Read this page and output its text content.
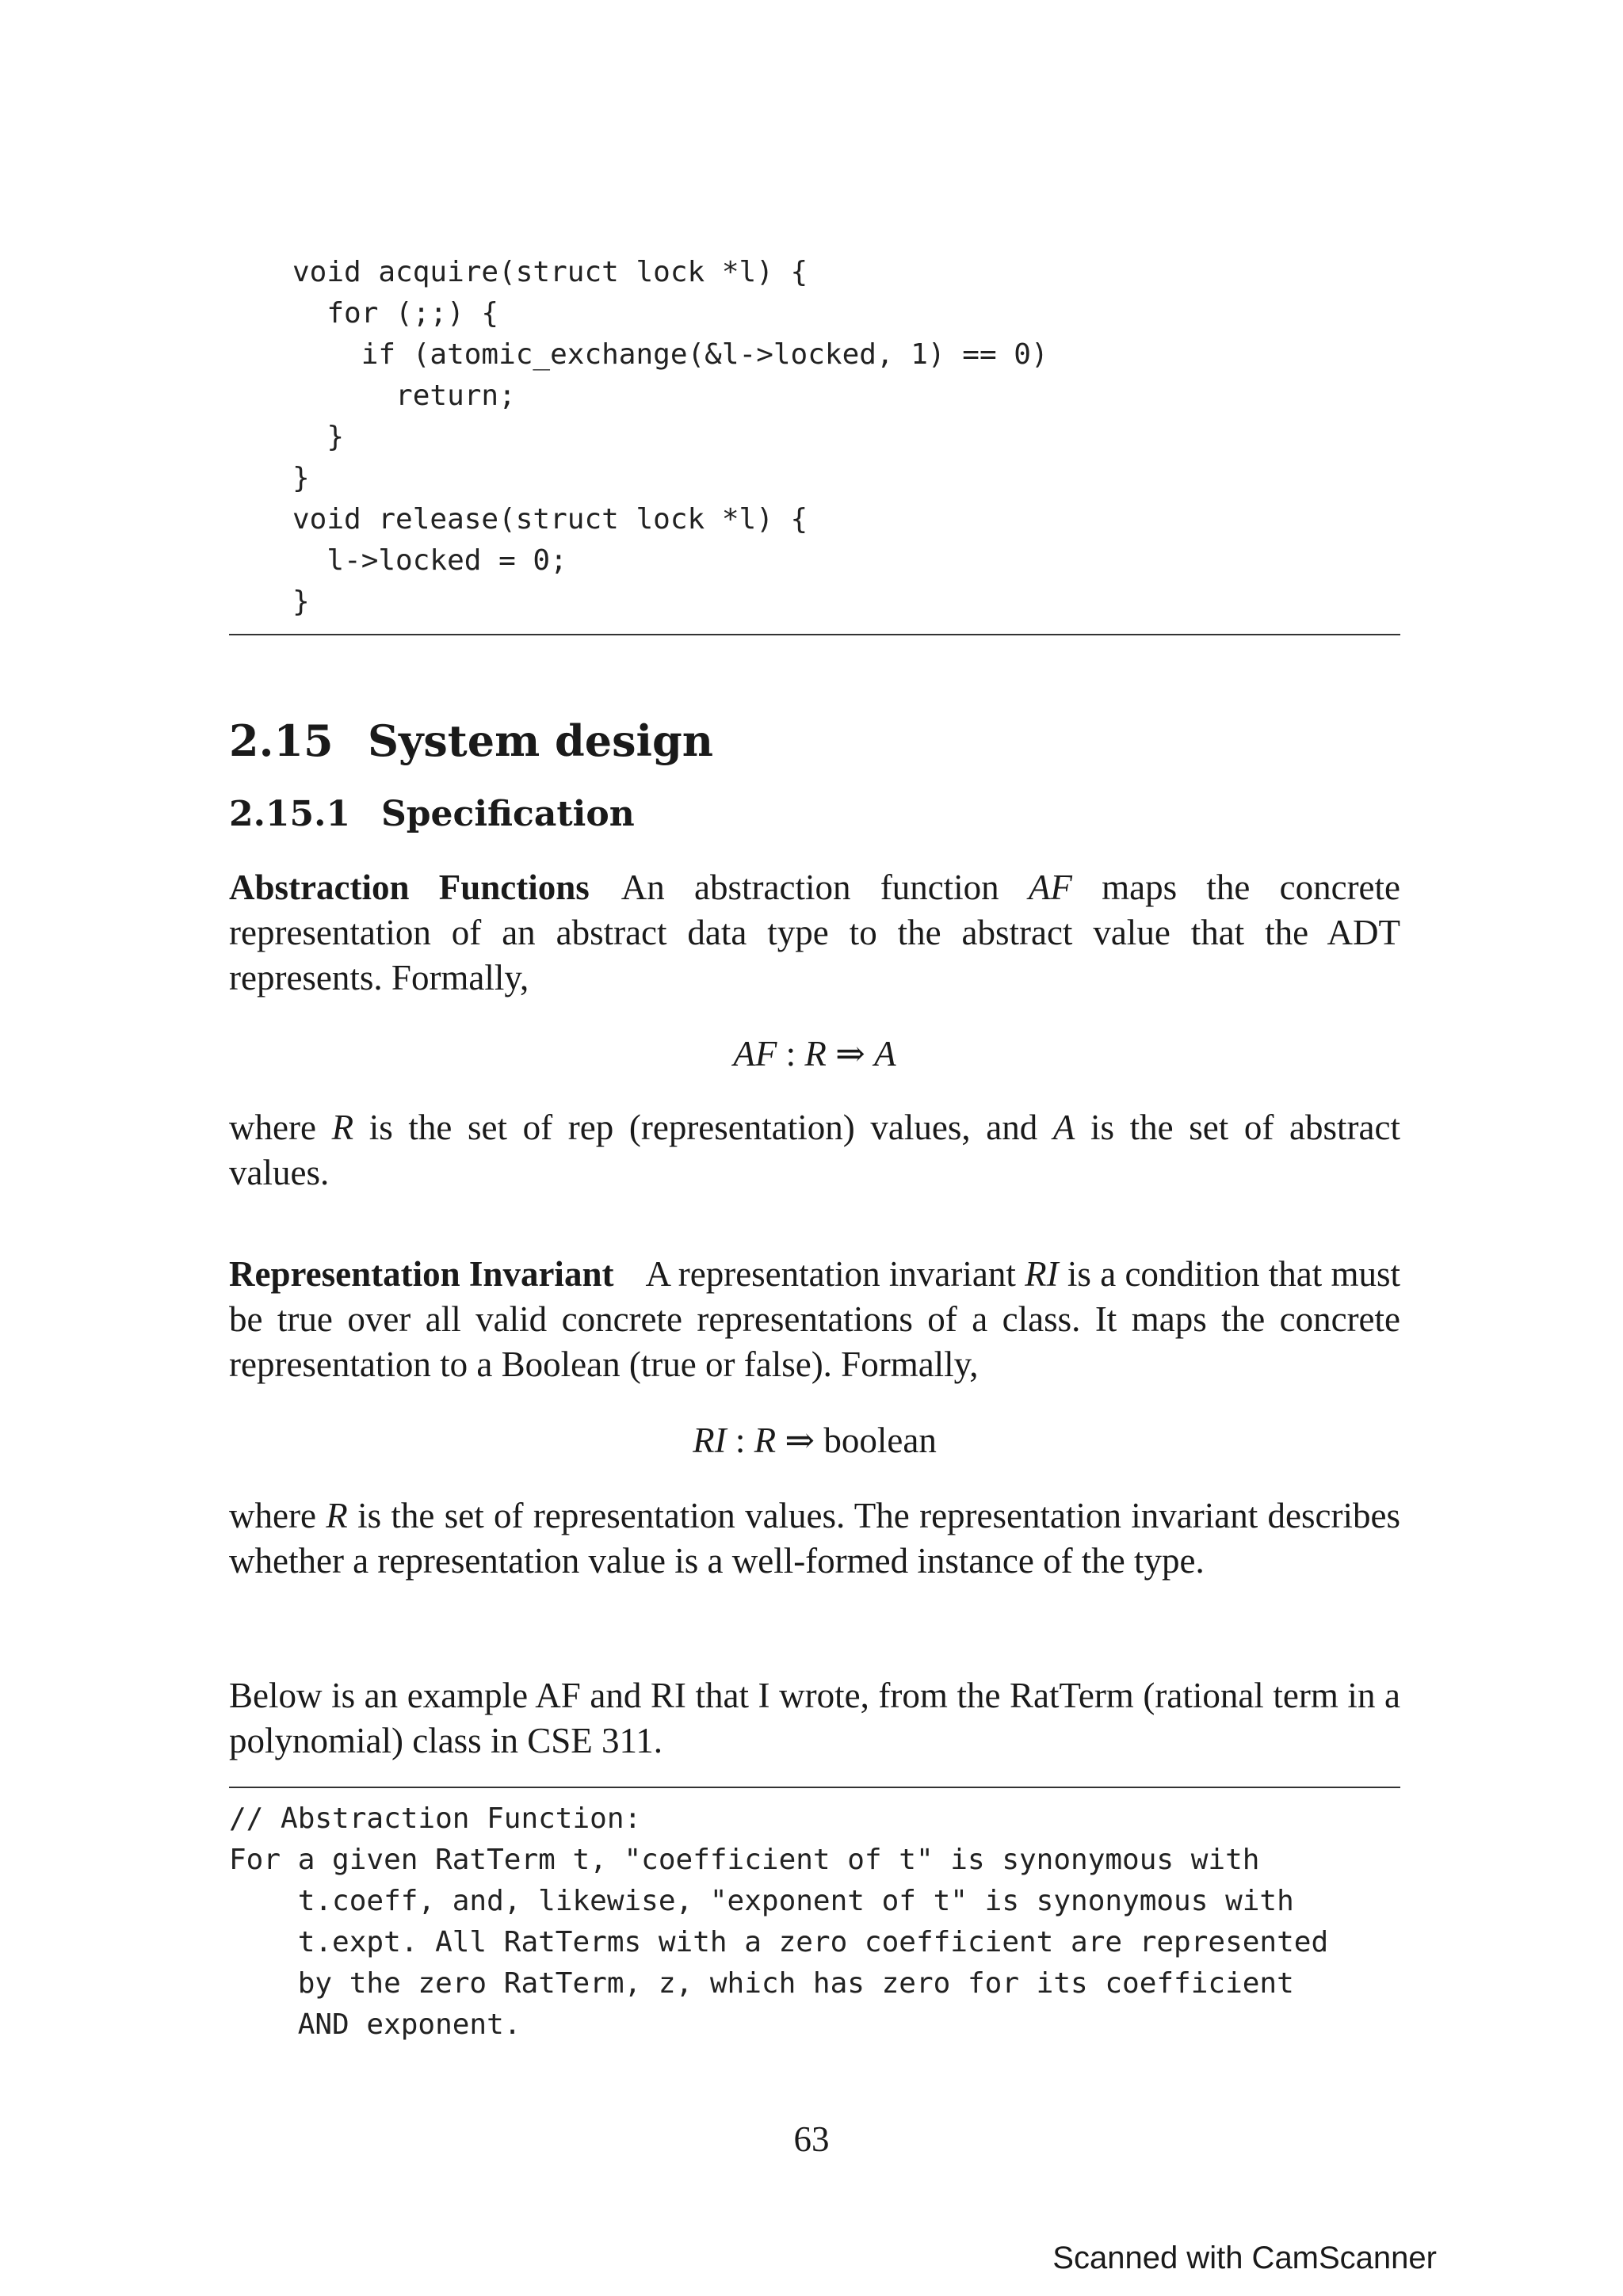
void acquire(struct lock *l) {
for (;;) {
if (atomic_exchange(&l->locked, 1) == 0)
return;
}
}
void release(struct lock *l) {
l->locked = 0;
}
2.15 System design
2.15.1 Specification

Abstraction Functions An abstraction function AF maps the concrete representation of an abstract data type to the abstract value that the ADT represents. Formally,

AF : R ⇒ A

where R is the set of rep (representation) values, and A is the set of abstract values.

Representation Invariant A representation invariant RI is a condition that must be true over all valid concrete representations of a class. It maps the concrete representation to a Boolean (true or false). Formally,

RI : R ⇒ boolean

where R is the set of representation values. The representation invariant describes whether a representation value is a well-formed instance of the type.

Below is an example AF and RI that I wrote, from the RatTerm (rational term in a polynomial) class in CSE 311.

// Abstraction Function:
For a given RatTerm t, "coefficient of t" is synonymous with
t.coeff, and, likewise, "exponent of t" is synonymous with
t.expt. All RatTerms with a zero coefficient are represented
by the zero RatTerm, z, which has zero for its coefficient
AND exponent.
63
Scanned with CamScanner
